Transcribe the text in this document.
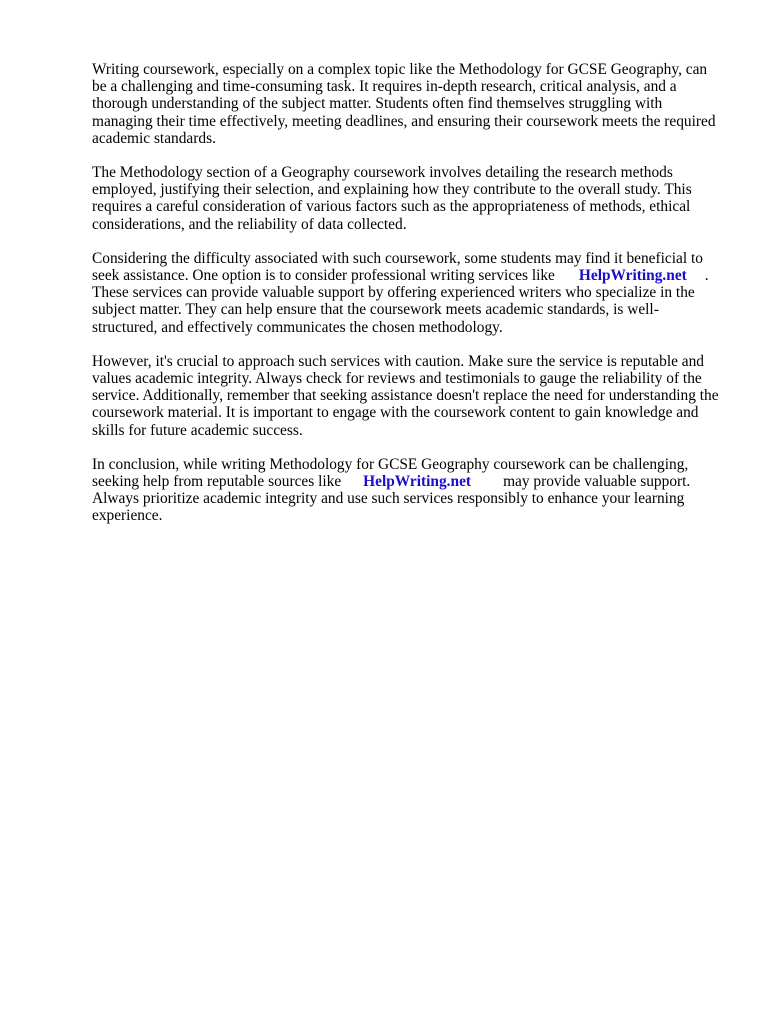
Writing coursework, especially on a complex topic like the Methodology for GCSE Geography, can be a challenging and time-consuming task. It requires in-depth research, critical analysis, and a thorough understanding of the subject matter. Students often find themselves struggling with managing their time effectively, meeting deadlines, and ensuring their coursework meets the required academic standards.

The Methodology section of a Geography coursework involves detailing the research methods employed, justifying their selection, and explaining how they contribute to the overall study. This requires a careful consideration of various factors such as the appropriateness of methods, ethical considerations, and the reliability of data collected.

Considering the difficulty associated with such coursework, some students may find it beneficial to seek assistance. One option is to consider professional writing services like HelpWriting.net . These services can provide valuable support by offering experienced writers who specialize in the subject matter. They can help ensure that the coursework meets academic standards, is well-structured, and effectively communicates the chosen methodology.

However, it's crucial to approach such services with caution. Make sure the service is reputable and values academic integrity. Always check for reviews and testimonials to gauge the reliability of the service. Additionally, remember that seeking assistance doesn't replace the need for understanding the coursework material. It is important to engage with the coursework content to gain knowledge and skills for future academic success.

In conclusion, while writing Methodology for GCSE Geography coursework can be challenging, seeking help from reputable sources like HelpWriting.net may provide valuable support. Always prioritize academic integrity and use such services responsibly to enhance your learning experience.
